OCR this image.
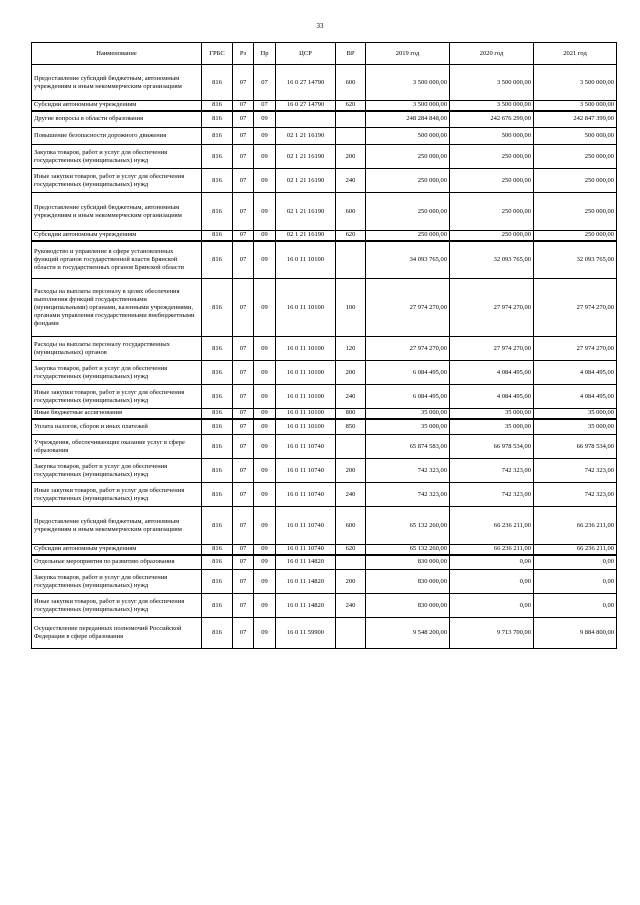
33
Наименование	ГРБС	Рз	Пр	ЦСР	ВР	2019 год	2020 год	2021 год
Предоставление субсидий бюджетным, автономным учреждениям и иным некоммерческим организациям	816	07	07	16 0 27 14790	600	3 500 000,00	3 500 000,00	3 500 000,00
Субсидии автономным учреждениям	816	07	07	16 0 27 14790	620	3 500 000,00	3 500 000,00	3 500 000,00
Другие вопросы в области образования	816	07	09			248 284 848,00	242 676 299,00	242 847 399,00
Повышение безопасности дорожного движения	816	07	09	02 1 21 16190		500 000,00	500 000,00	500 000,00
Закупка товаров, работ и услуг для обеспечения государственных (муниципальных) нужд	816	07	09	02 1 21 16190	200	250 000,00	250 000,00	250 000,00
Иные закупки товаров, работ и услуг для обеспечения государственных (муниципальных) нужд	816	07	09	02 1 21 16190	240	250 000,00	250 000,00	250 000,00
Предоставление субсидий бюджетным, автономным учреждениям и иным некоммерческим организациям	816	07	09	02 1 21 16190	600	250 000,00	250 000,00	250 000,00
Субсидии автономным учреждениям	816	07	09	02 1 21 16190	620	250 000,00	250 000,00	250 000,00
Руководство и управление в сфере установленных функций органов государственной власти Брянской области и государственных органов Брянской области	816	07	09	16 0 11 10100		34 093 765,00	32 093 765,00	32 093 765,00
Расходы на выплаты персоналу в целях обеспечения выполнения функций государственными (муниципальными) органами, казенными учреждениями, органами управления государственными внебюджетными фондами	816	07	09	16 0 11 10100	100	27 974 270,00	27 974 270,00	27 974 270,00
Расходы на выплаты персоналу государственных (муниципальных) органов	816	07	09	16 0 11 10100	120	27 974 270,00	27 974 270,00	27 974 270,00
Закупка товаров, работ и услуг для обеспечения государственных (муниципальных) нужд	816	07	09	16 0 11 10100	200	6 084 495,00	4 084 495,00	4 084 495,00
Иные закупки товаров, работ и услуг для обеспечения государственных (муниципальных) нужд	816	07	09	16 0 11 10100	240	6 084 495,00	4 084 495,00	4 084 495,00
Иные бюджетные ассигнования	816	07	09	16 0 11 10100	800	35 000,00	35 000,00	35 000,00
Уплата налогов, сборов и иных платежей	816	07	09	16 0 11 10100	850	35 000,00	35 000,00	35 000,00
Учреждения, обеспечивающие оказание услуг в сфере образования	816	07	09	16 0 11 10740		65 874 583,00	66 978 534,00	66 978 534,00
Закупка товаров, работ и услуг для обеспечения государственных (муниципальных) нужд	816	07	09	16 0 11 10740	200	742 323,00	742 323,00	742 323,00
Иные закупки товаров, работ и услуг для обеспечения государственных (муниципальных) нужд	816	07	09	16 0 11 10740	240	742 323,00	742 323,00	742 323,00
Предоставление субсидий бюджетным, автономным учреждениям и иным некоммерческим организациям	816	07	09	16 0 11 10740	600	65 132 260,00	66 236 211,00	66 236 211,00
Субсидии автономным учреждениям	816	07	09	16 0 11 10740	620	65 132 260,00	66 236 211,00	66 236 211,00
Отдельные мероприятия по развитию образования	816	07	09	16 0 11 14820		830 000,00	0,00	0,00
Закупка товаров, работ и услуг для обеспечения государственных (муниципальных) нужд	816	07	09	16 0 11 14820	200	830 000,00	0,00	0,00
Иные закупки товаров, работ и услуг для обеспечения государственных (муниципальных) нужд	816	07	09	16 0 11 14820	240	830 000,00	0,00	0,00
Осуществление переданных полномочий Российской Федерации в сфере образования	816	07	09	16 0 11 59900		9 548 200,00	9 713 700,00	9 884 800,00
